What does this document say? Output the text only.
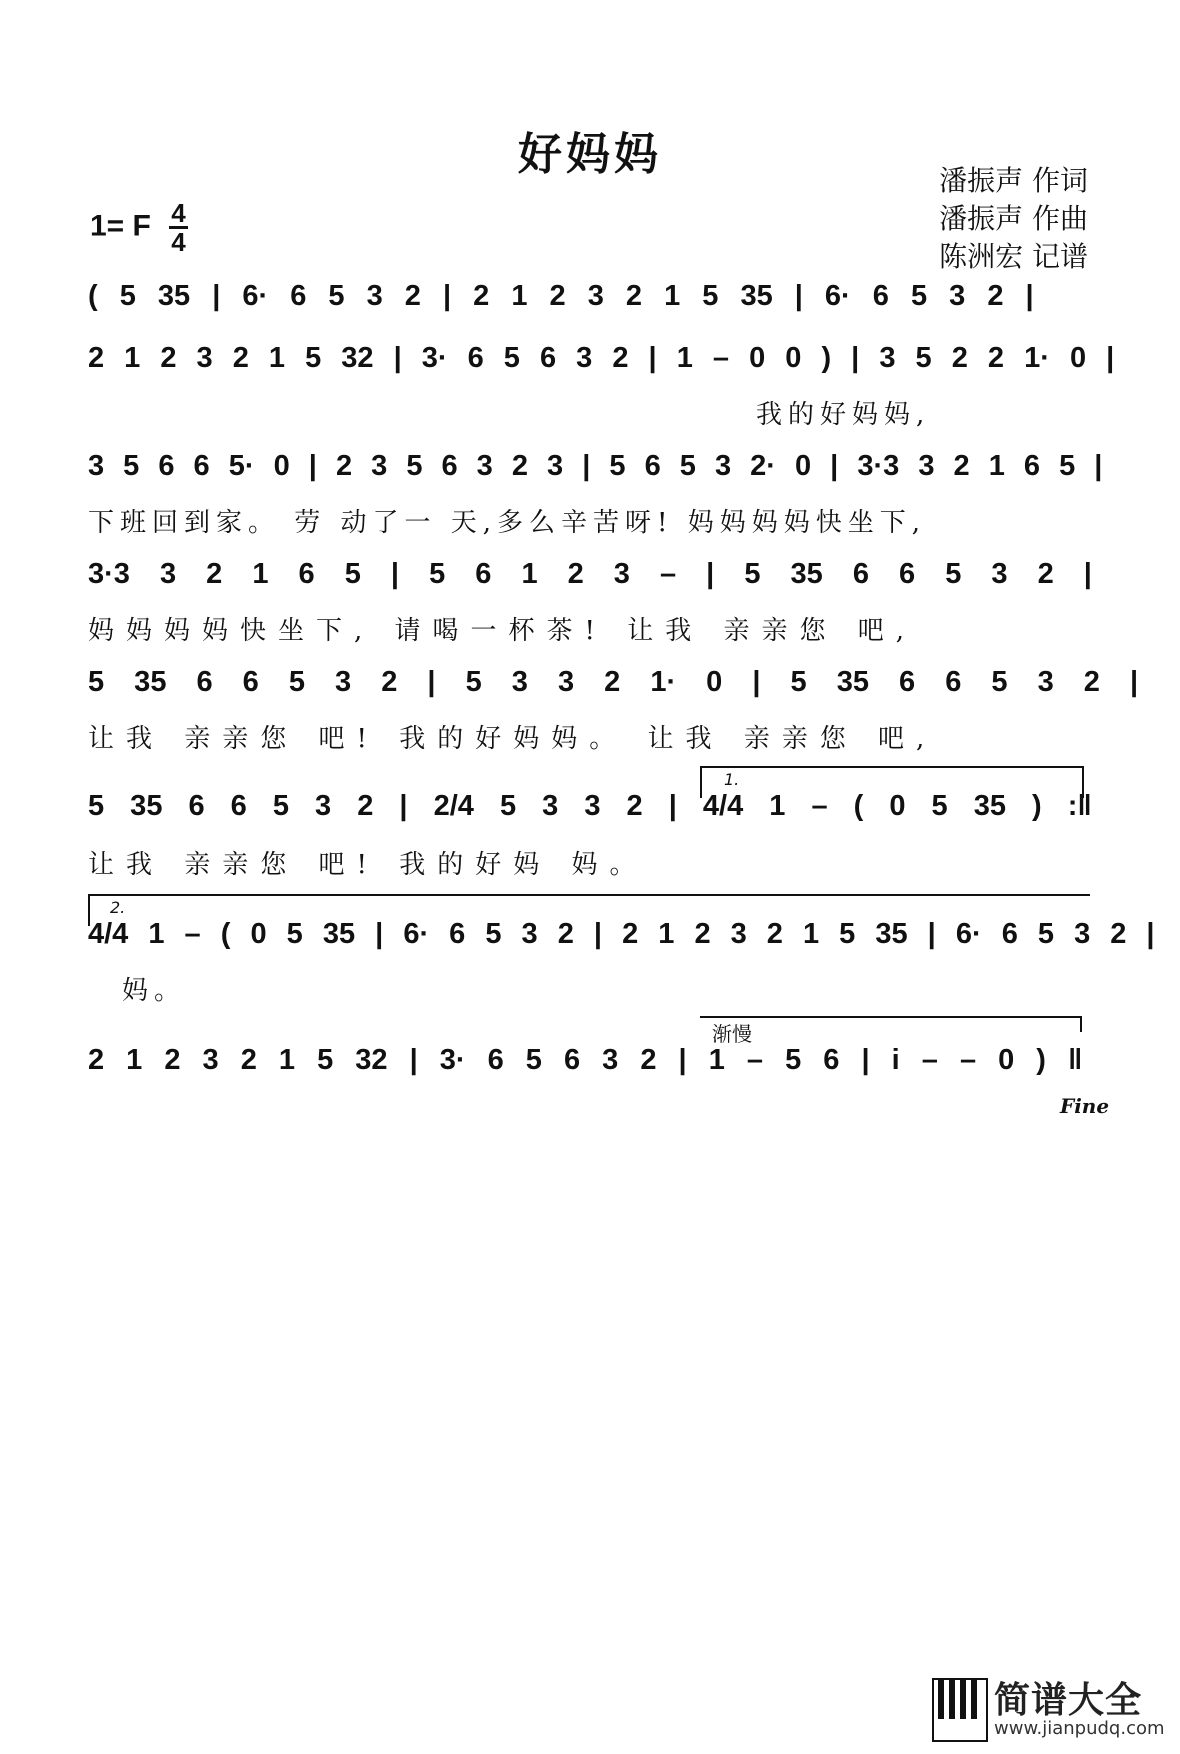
好妈妈
1= F $\frac{4}{4}$
潘振声 作词
潘振声 作曲
陈洲宏 记谱
( 5 35 | 6· 6 5 3 2 | 2 1 2 3 2 1 5 35 | 6· 6 5 3 2 |
2 1 2 3 2 1 5 32 | 3· 6 5 6 3 2 | 1 – 0 0 ) | 3 5 2 2 1· 0 |
我的好妈妈,
3 5 6 6 5· 0 | 2 3 5 6 3 2 3 | 5 6 5 3 2· 0 | 3·3 3 2 1 6 5 |
下班回到家。 劳 动了一 天,多么辛苦呀! 妈妈妈妈快坐下,
3·3 3 2 1 6 5 | 5 6 1 2 3 – | 5 35 6 6 5 3 2 |
妈妈妈妈快坐下, 请喝一杯茶! 让我 亲亲您 吧,
5 35 6 6 5 3 2 | 5 3 3 2 1· 0 | 5 35 6 6 5 3 2 |
让我 亲亲您 吧! 我的好妈妈。 让我 亲亲您 吧,
1.
5 35 6 6 5 3 2 | 2/4 5 3 3 2 | 4/4 1 – ( 0 5 35 ) :‖
让我 亲亲您 吧! 我的好妈 妈。
2.
4/4 1 – ( 0 5 35 | 6· 6 5 3 2 | 2 1 2 3 2 1 5 35 | 6· 6 5 3 2 |
妈。
渐慢
2 1 2 3 2 1 5 32 | 3· 6 5 6 3 2 | 1 – 5 6 | i – – 0 ) ‖
Fine
简谱大全
www.jianpudq.com
